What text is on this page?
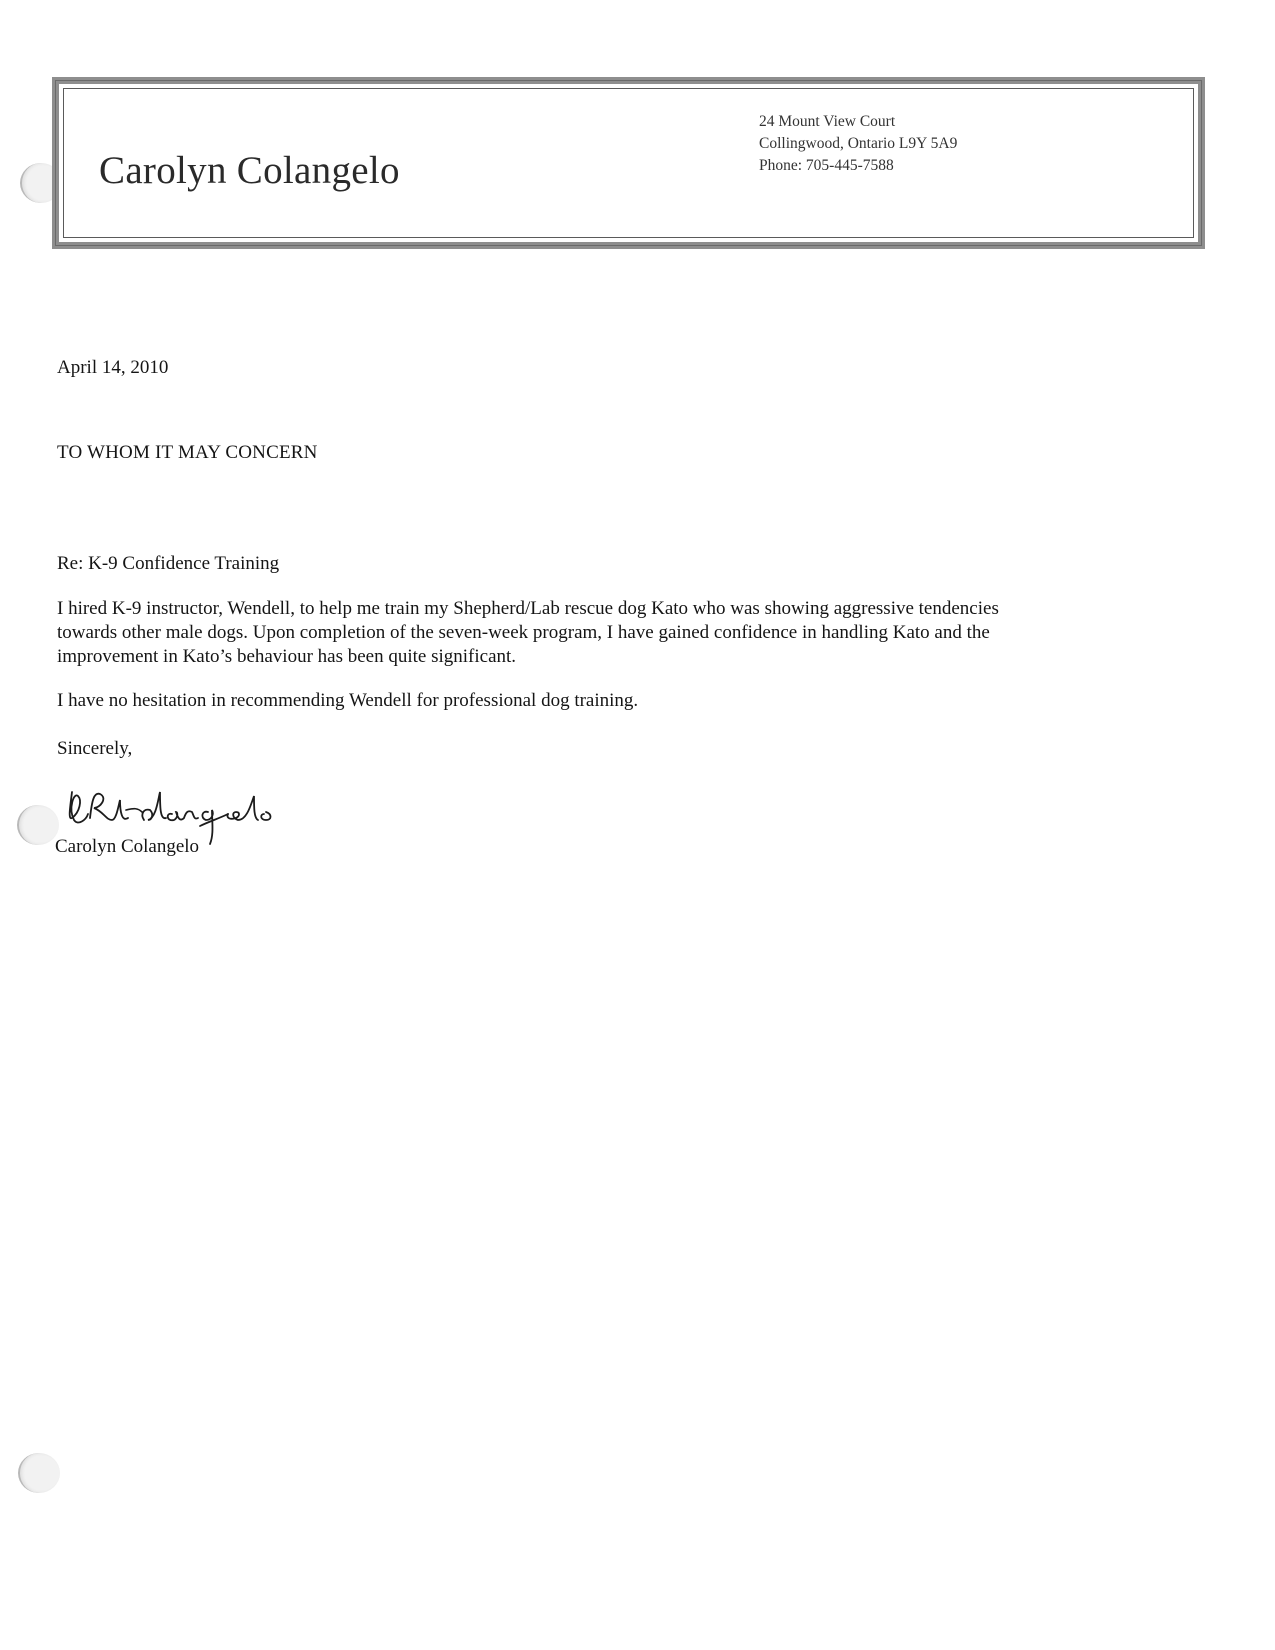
Carolyn Colangelo
24 Mount View Court
Collingwood, Ontario L9Y 5A9
Phone: 705-445-7588
April 14, 2010
TO WHOM IT MAY CONCERN
Re: K-9 Confidence Training
I hired K-9 instructor, Wendell, to help me train my Shepherd/Lab rescue dog Kato who was showing aggressive tendencies
towards other male dogs. Upon completion of the seven-week program, I have gained confidence in handling Kato and the
improvement in Kato’s behaviour has been quite significant.
I have no hesitation in recommending Wendell for professional dog training.
Sincerely,
Carolyn Colangelo
